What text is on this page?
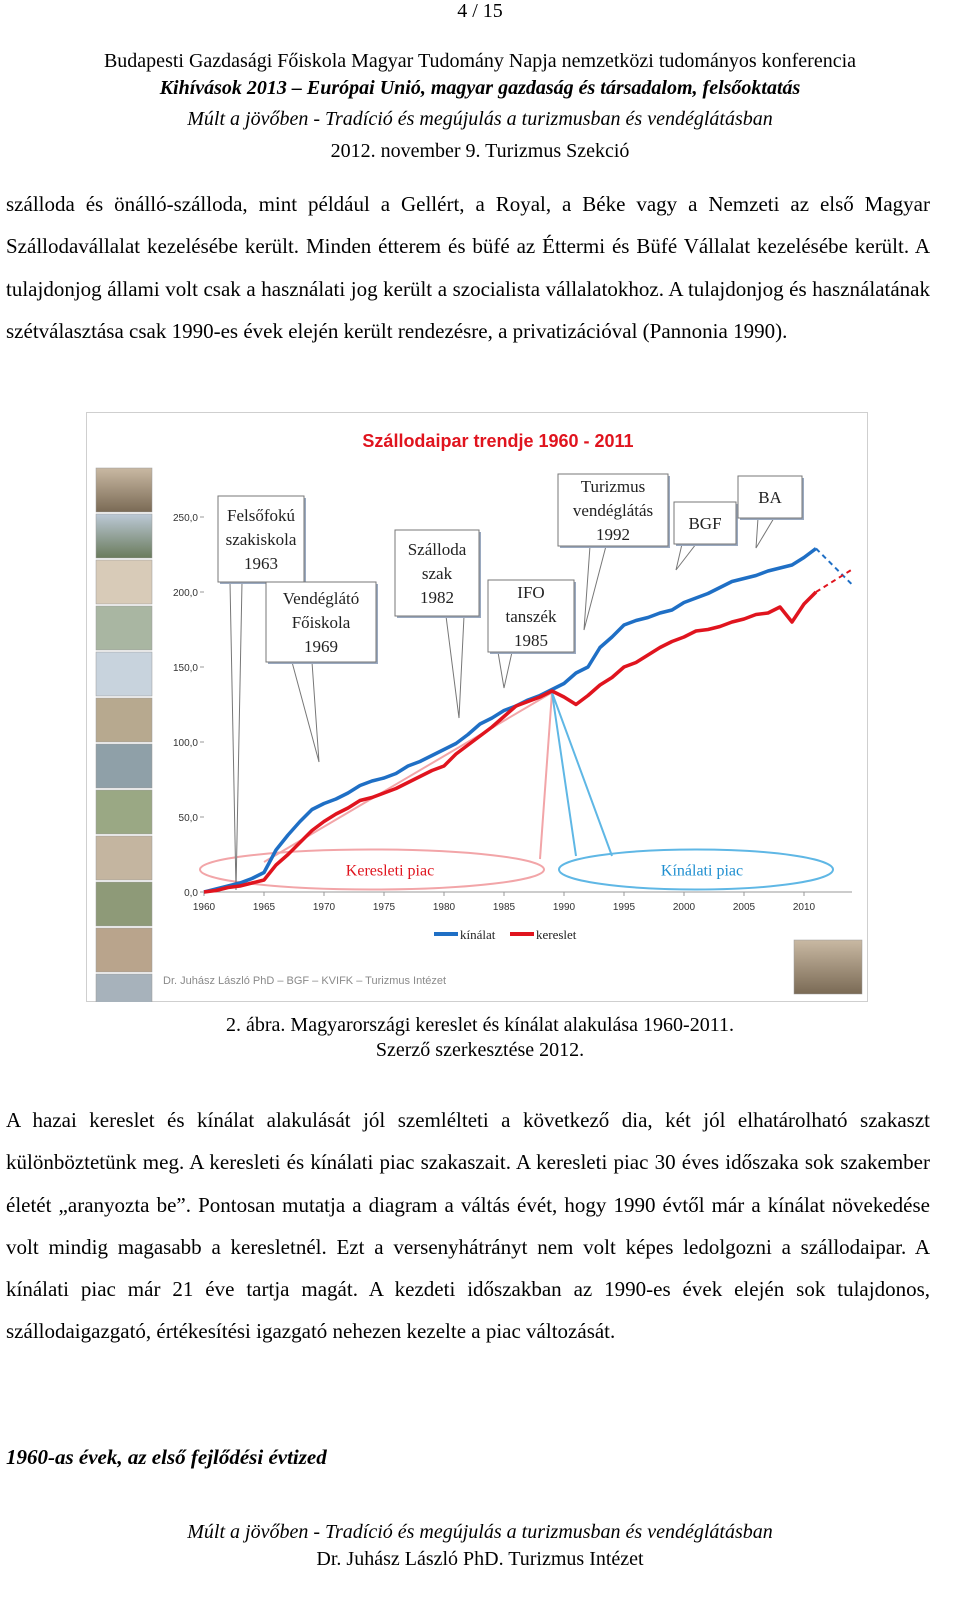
4 / 15
Budapesti Gazdasági Főiskola Magyar Tudomány Napja nemzetközi tudományos konferencia
Kihívások 2013 – Európai Unió, magyar gazdaság és társadalom, felsőoktatás
Múlt a jövőben - Tradíció és megújulás a turizmusban és vendéglátásban
2012. november 9. Turizmus Szekció
szálloda és önálló-szálloda, mint például a Gellért, a Royal, a Béke vagy a Nemzeti az első Magyar Szállodavállalat kezelésébe került. Minden étterem és büfé az Éttermi és Büfé Vállalat kezelésébe került. A tulajdonjog állami volt csak a használati jog került a szocialista vállalatokhoz. A tulajdonjog és használatának szétválasztása csak 1990-es évek elején került rendezésre, a privatizációval (Pannonia 1990).
0,0
50,0
100,0
150,0
200,0
250,0
1960	1965	1970	1975	1980	1985	1990	1995	2000	2005	2010
Keresleti piac	Kínálati piac
Felsőfokú
szakiskola
1963
Vendéglátó
Főiskola
1969
Szálloda
szak
1982	IFO
tanszék
1985
Turizmus
vendéglátás
1992
BGF
BA
Szállodaipar trendje 1960 - 2011
kínálat	kereslet
Dr. Juhász László PhD – BGF – KVIFK – Turizmus Intézet
2. ábra. Magyarországi kereslet és kínálat alakulása 1960-2011.
Szerző szerkesztése 2012.
A hazai kereslet és kínálat alakulását jól szemlélteti a következő dia, két jól elhatárolható szakaszt különböztetünk meg. A keresleti és kínálati piac szakaszait. A keresleti piac 30 éves időszaka sok szakember életét „aranyozta be”. Pontosan mutatja a diagram a váltás évét, hogy 1990 évtől már a kínálat növekedése volt mindig magasabb a keresletnél. Ezt a versenyhátrányt nem volt képes ledolgozni a szállodaipar. A kínálati piac már 21 éve tartja magát. A kezdeti időszakban az 1990-es évek elején sok tulajdonos, szállodaigazgató, értékesítési igazgató nehezen kezelte a piac változását.
1960-as évek, az első fejlődési évtized
Múlt a jövőben - Tradíció és megújulás a turizmusban és vendéglátásban
Dr. Juhász László PhD. Turizmus Intézet
